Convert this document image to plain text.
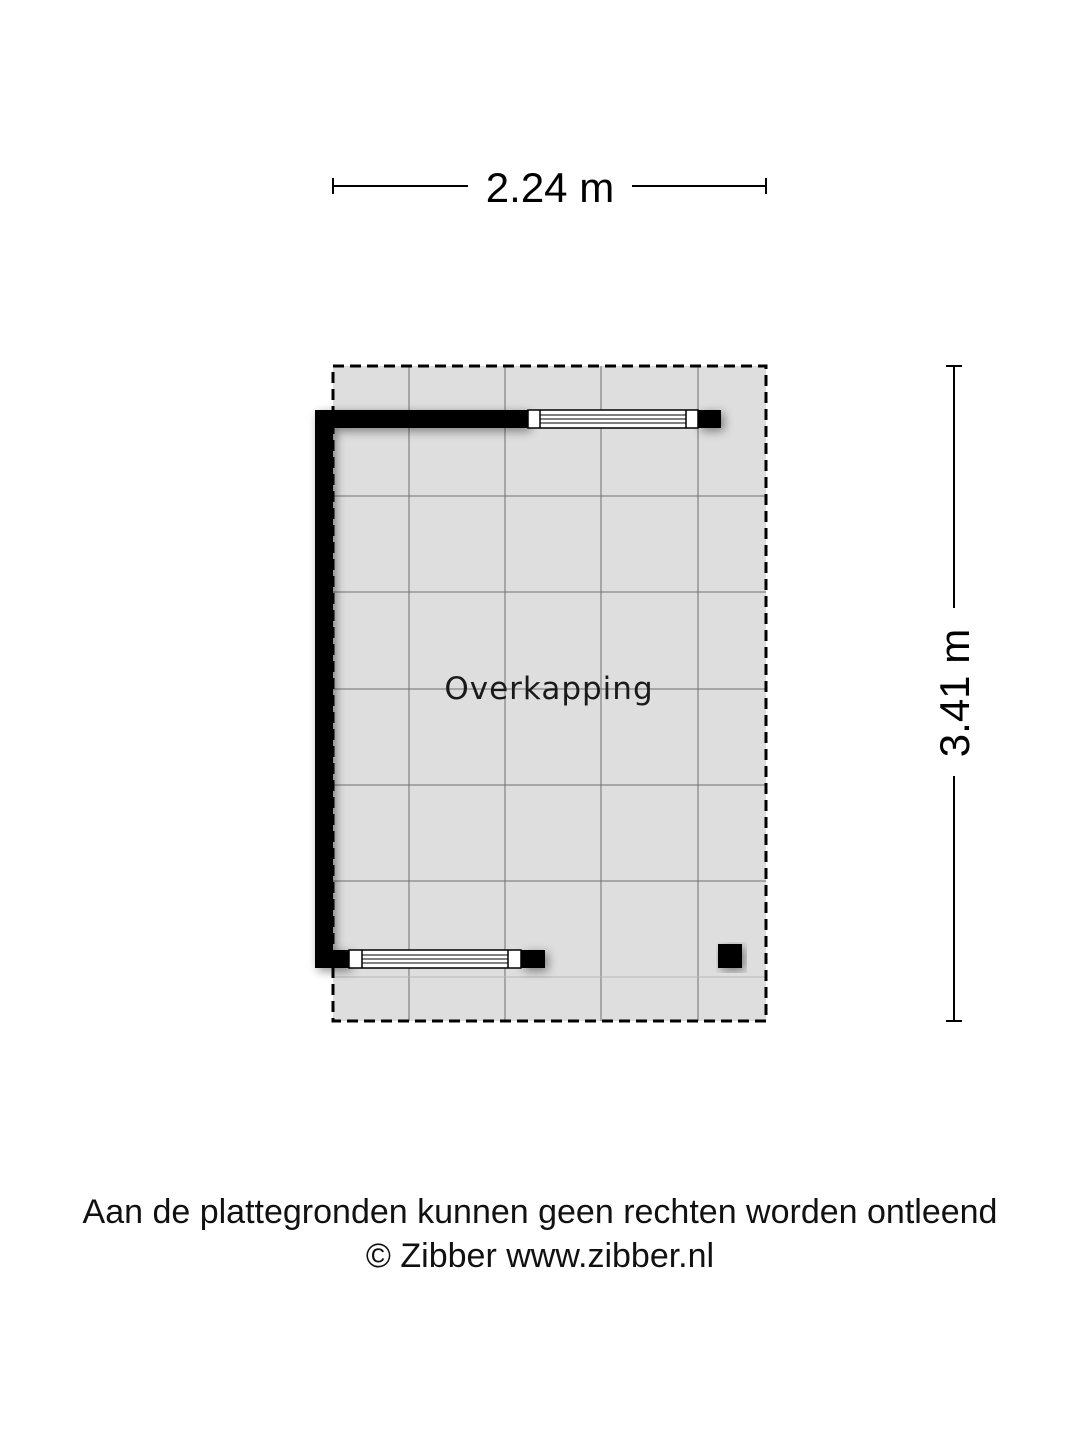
2.24 m
3.41 m
Overkapping
Aan de plattegronden kunnen geen rechten worden ontleend
© Zibber www.zibber.nl
